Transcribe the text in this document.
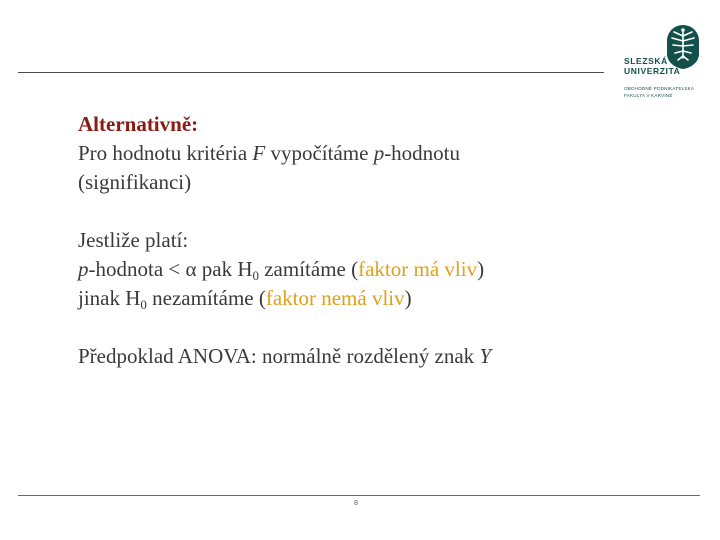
SLEZSKÁ
UNIVERZITA
OBCHODNĚ PODNIKATELSKÁ
FAKULTA V KARVINÉ
Alternativně:
Pro hodnotu kritéria F vypočítáme p-hodnotu
(signifikanci)
Jestliže platí:
p-hodnota < α pak $H_0$ zamítáme (faktor má vliv)
jinak $H_0$ nezamítáme (faktor nemá vliv)
Předpoklad ANOVA: normálně rozdělený znak Y
8
